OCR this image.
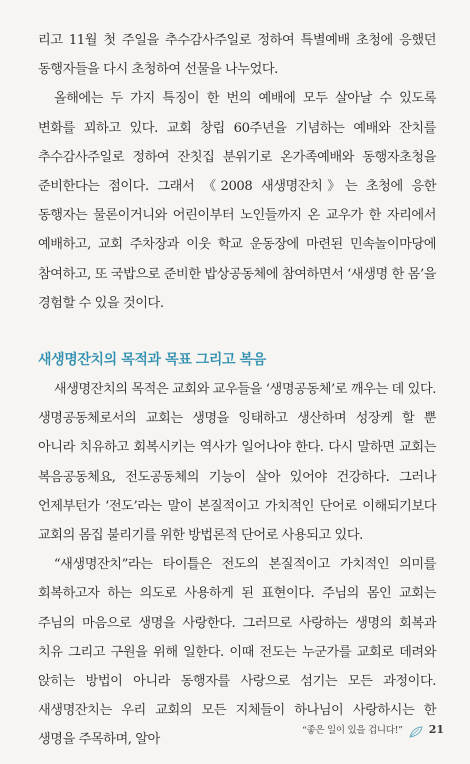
리고 11월 첫 주일을 추수감사주일로 정하여 특별예배 초청에 응했던 동행자들을 다시 초청하여 선물을 나누었다.

올해에는 두 가지 특징이 한 번의 예배에 모두 살아날 수 있도록 변화를 꾀하고 있다. 교회 창립 60주년을 기념하는 예배와 잔치를 추수감사주일로 정하여 잔칫집 분위기로 온가족예배와 동행자초청을 준비한다는 점이다. 그래서 《2008 새생명잔치》는 초청에 응한 동행자는 물론이거니와 어린이부터 노인들까지 온 교우가 한 자리에서 예배하고, 교회 주차장과 이웃 학교 운동장에 마련된 민속놀이마당에 참여하고, 또 국밥으로 준비한 밥상공동체에 참여하면서 ‘새생명 한 몸’을 경험할 수 있을 것이다.

새생명잔치의 목적과 목표 그리고 복음

새생명잔치의 목적은 교회와 교우들을 ‘생명공동체’로 깨우는 데 있다. 생명공동체로서의 교회는 생명을 잉태하고 생산하며 성장케 할 뿐 아니라 치유하고 회복시키는 역사가 일어나야 한다. 다시 말하면 교회는 복음공동체요, 전도공동체의 기능이 살아 있어야 건강하다. 그러나 언제부턴가 ‘전도’라는 말이 본질적이고 가치적인 단어로 이해되기보다 교회의 몸집 불리기를 위한 방법론적 단어로 사용되고 있다.

“새생명잔치”라는 타이틀은 전도의 본질적이고 가치적인 의미를 회복하고자 하는 의도로 사용하게 된 표현이다. 주님의 몸인 교회는 주님의 마음으로 생명을 사랑한다. 그러므로 사랑하는 생명의 회복과 치유 그리고 구원을 위해 일한다. 이때 전도는 누군가를 교회로 데려와 앉히는 방법이 아니라 동행자를 사랑으로 섬기는 모든 과정이다. 새생명잔치는 우리 교회의 모든 지체들이 하나님이 사랑하시는 한 생명을 주목하며, 알아

“좋은 일이 있을 겁니다!” 21
